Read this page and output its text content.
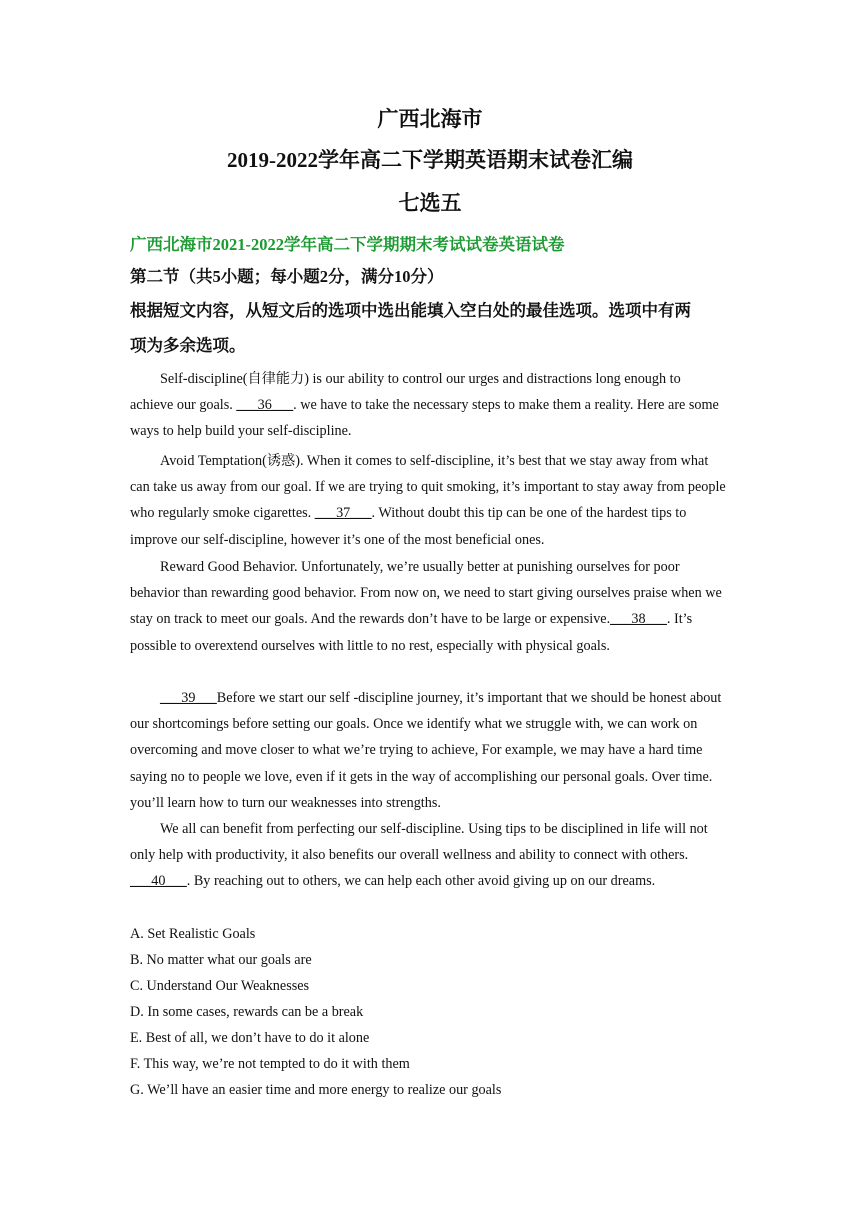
广西北海市
2019-2022学年高二下学期英语期末试卷汇编
七选五
广西北海市2021-2022学年高二下学期期末考试试卷英语试卷
第二节（共5小题；每小题2分，满分10分）
根据短文内容，从短文后的选项中选出能填入空白处的最佳选项。选项中有两
项为多余选项。
Self-discipline(自律能力) is our ability to control our urges and distractions long enough to achieve our goals. ___36___. we have to take the necessary steps to make them a reality. Here are some ways to help build your self-discipline.
Avoid Temptation(诱惑). When it comes to self-discipline, it’s best that we stay away from what can take us away from our goal. If we are trying to quit smoking, it’s important to stay away from people who regularly smoke cigarettes. ___37___. Without doubt this tip can be one of the hardest tips to improve our self-discipline, however it’s one of the most beneficial ones.
Reward Good Behavior. Unfortunately, we’re usually better at punishing ourselves for poor behavior than rewarding good behavior. From now on, we need to start giving ourselves praise when we stay on track to meet our goals. And the rewards don’t have to be large or expensive.___38___. It’s possible to overextend ourselves with little to no rest, especially with physical goals.
___39___Before we start our self -discipline journey, it’s important that we should be honest about our shortcomings before setting our goals. Once we identify what we struggle with, we can work on overcoming and move closer to what we’re trying to achieve, For example, we may have a hard time saying no to people we love, even if it gets in the way of accomplishing our personal goals. Over time. you’ll learn how to turn our weaknesses into strengths.
We all can benefit from perfecting our self-discipline. Using tips to be disciplined in life will not only help with productivity, it also benefits our overall wellness and ability to connect with others. ___40___. By reaching out to others, we can help each other avoid giving up on our dreams.
A. Set Realistic Goals
B. No matter what our goals are
C. Understand Our Weaknesses
D. In some cases, rewards can be a break
E. Best of all, we don’t have to do it alone
F. This way, we’re not tempted to do it with them
G. We’ll have an easier time and more energy to realize our goals
